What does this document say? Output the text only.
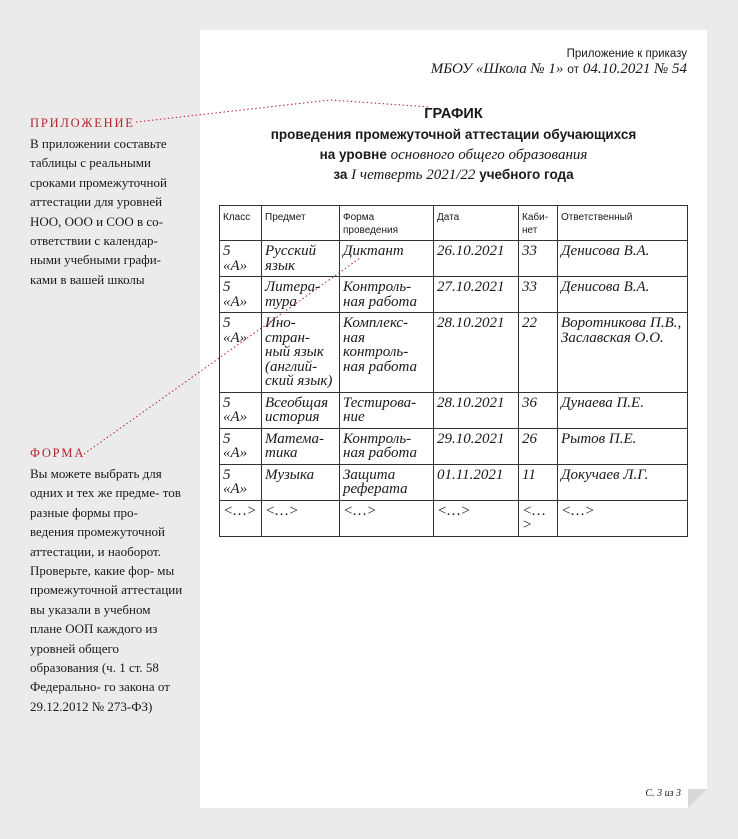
ПРИЛОЖЕНИЕ

В приложении составьте таблицы с реальными сроками промежуточной аттестации для уровней НОО, ООО и СОО в со- ответствии с календар- ными учебными графи- ками в вашей школы

ФОРМА

Вы можете выбрать для одних и тех же предме- тов разные формы про- ведения промежуточной аттестации, и наоборот. Проверьте, какие фор- мы промежуточной аттестации вы указали в учебном плане ООП каждого из уровней общего образования (ч. 1 ст. 58 Федерально- го закона от 29.12.2012 № 273-ФЗ)

Приложение к приказу
МБОУ «Школа № 1» от 04.10.2021 № 54
ГРАФИК
проведения промежуточной аттестации обучающихся
на уровне основного общего образования
за I четверть 2021/22 учебного года
Класс	Предмет	Форма проведения	Дата	Каби- нет	Ответственный
5 «А»	Русский язык	Диктант	26.10.2021	33	Денисова В.А.
5 «А»	Литера- тура	Контроль- ная работа	27.10.2021	33	Денисова В.А.
5 «А»	Ино- стран- ный язык (англий- ский язык)	Комплекс- ная контроль- ная работа	28.10.2021	22	Воротникова П.В., Заславская О.О.
5 «А»	Всеобщая история	Тестирова- ние	28.10.2021	36	Дунаева П.Е.
5 «А»	Матема- тика	Контроль- ная работа	29.10.2021	26	Рытов П.Е.
5 «А»	Музыка	Защита реферата	01.11.2021	11	Докучаев Л.Г.
<…>	<…>	<…>	<…>	<…>	<…>
С. 3 из 3
